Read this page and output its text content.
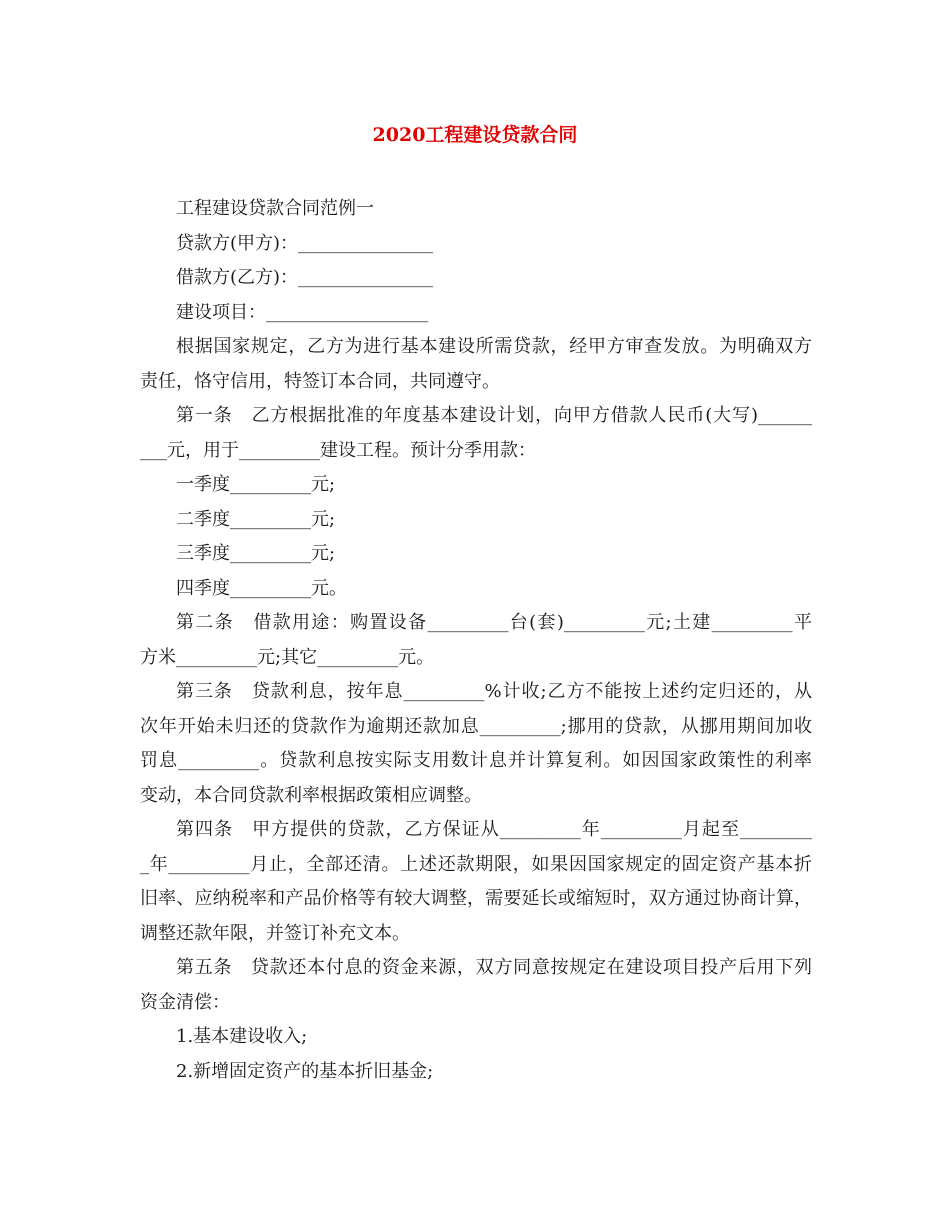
2020工程建设贷款合同
工程建设贷款合同范例一
贷款方(甲方)：_______________
借款方(乙方)：_______________
建设项目：__________________
根据国家规定，乙方为进行基本建设所需贷款，经甲方审查发放。为明确双方
责任，恪守信用，特签订本合同，共同遵守。
第一条　乙方根据批准的年度基本建设计划，向甲方借款人民币(大写)______
___元，用于_________建设工程。预计分季用款：
一季度_________元;
二季度_________元;
三季度_________元;
四季度_________元。
第二条　借款用途：购置设备_________台(套)_________元;土建_________平
方米_________元;其它_________元。
第三条　贷款利息，按年息_________%计收;乙方不能按上述约定归还的，从
次年开始未归还的贷款作为逾期还款加息_________;挪用的贷款，从挪用期间加收
罚息_________。贷款利息按实际支用数计息并计算复利。如因国家政策性的利率
变动，本合同贷款利率根据政策相应调整。
第四条　甲方提供的贷款，乙方保证从_________年_________月起至________
_年_________月止，全部还清。上述还款期限，如果因国家规定的固定资产基本折
旧率、应纳税率和产品价格等有较大调整，需要延长或缩短时，双方通过协商计算，
调整还款年限，并签订补充文本。
第五条　贷款还本付息的资金来源，双方同意按规定在建设项目投产后用下列
资金清偿：
1.基本建设收入;
2.新增固定资产的基本折旧基金;
